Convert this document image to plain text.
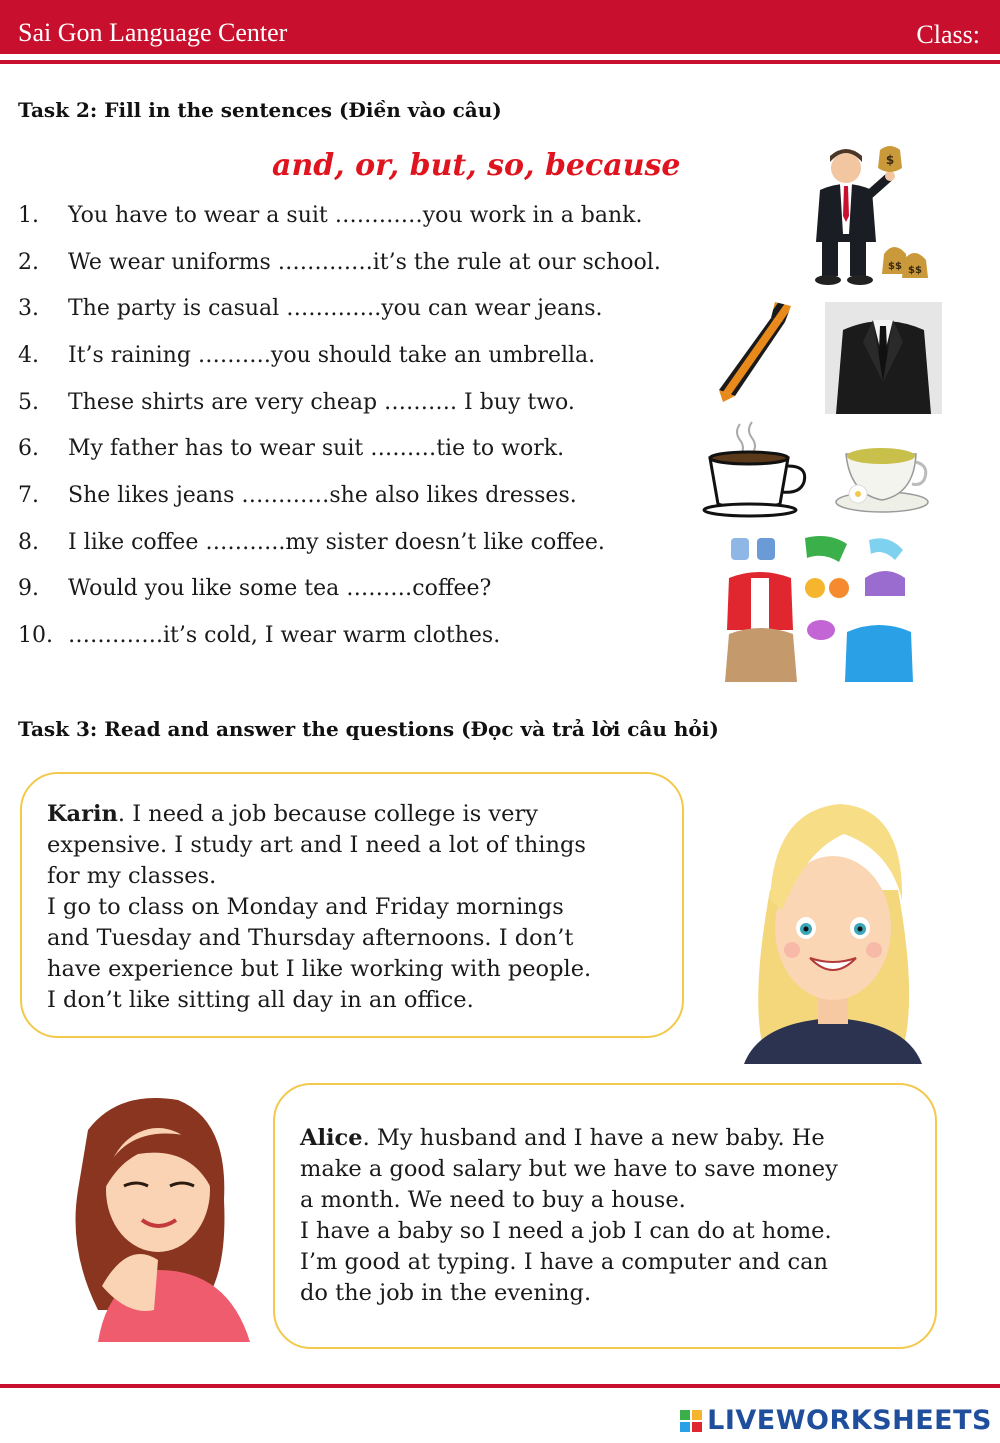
Sai Gon Language Center	Class:
Task 2: Fill in the sentences (Điền vào câu)
and, or, but, so, because
1. You have to wear a suit …………you work in a bank.
2. We wear uniforms ………….it’s the rule at our school.
3. The party is casual ………….you can wear jeans.
4. It’s raining ……….you should take an umbrella.
5. These shirts are very cheap ………. I buy two.
6. My father has to wear suit ………tie to work.
7. She likes jeans …………she also likes dresses.
8. I like coffee ………..my sister doesn’t like coffee.
9. Would you like some tea ………coffee?
10. ………….it’s cold, I wear warm clothes.
$
$$ $$
Task 3: Read and answer the questions (Đọc và trả lời câu hỏi)
Karin. I need a job because college is very
expensive. I study art and I need a lot of things
for my classes.
I go to class on Monday and Friday mornings
and Tuesday and Thursday afternoons. I don’t
have experience but I like working with people.
I don’t like sitting all day in an office.
Alice. My husband and I have a new baby. He
make a good salary but we have to save money
a month. We need to buy a house.
I have a baby so I need a job I can do at home.
I’m good at typing. I have a computer and can
do the job in the evening.
LIVEWORKSHEETS
